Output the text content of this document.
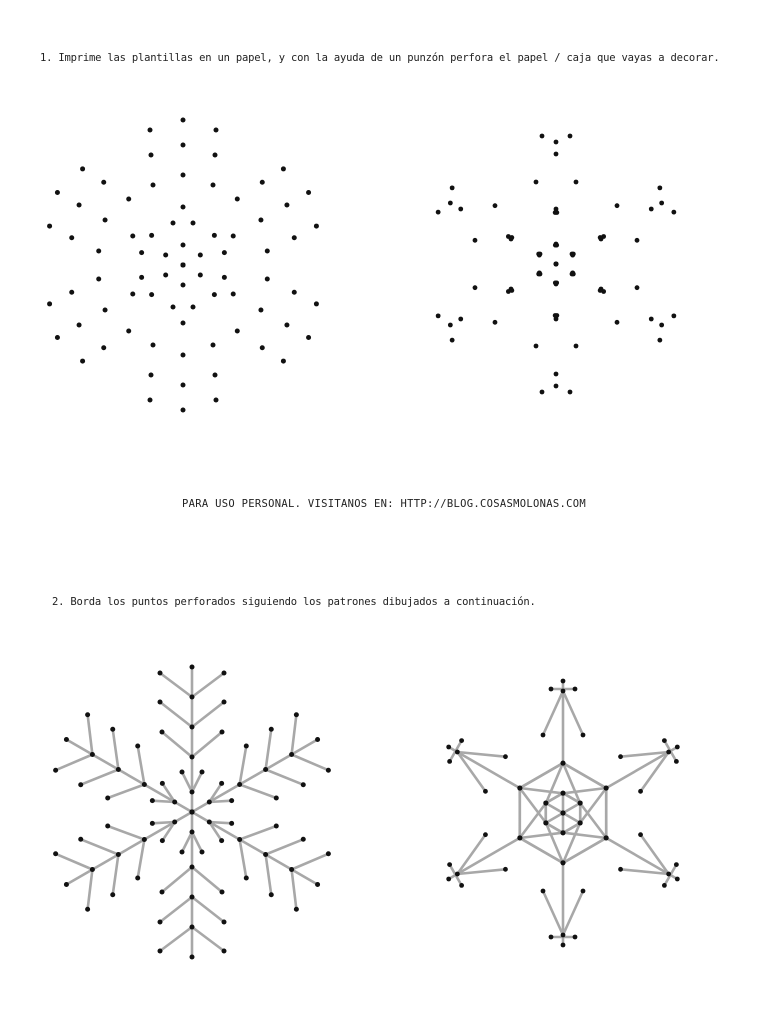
1. Imprime las plantillas en un papel, y con la ayuda de un punzón perfora el papel / caja que vayas a decorar.
PARA USO PERSONAL. VISITANOS EN: HTTP://BLOG.COSASMOLONAS.COM
2. Borda los puntos perforados siguiendo los patrones dibujados a continuación.
